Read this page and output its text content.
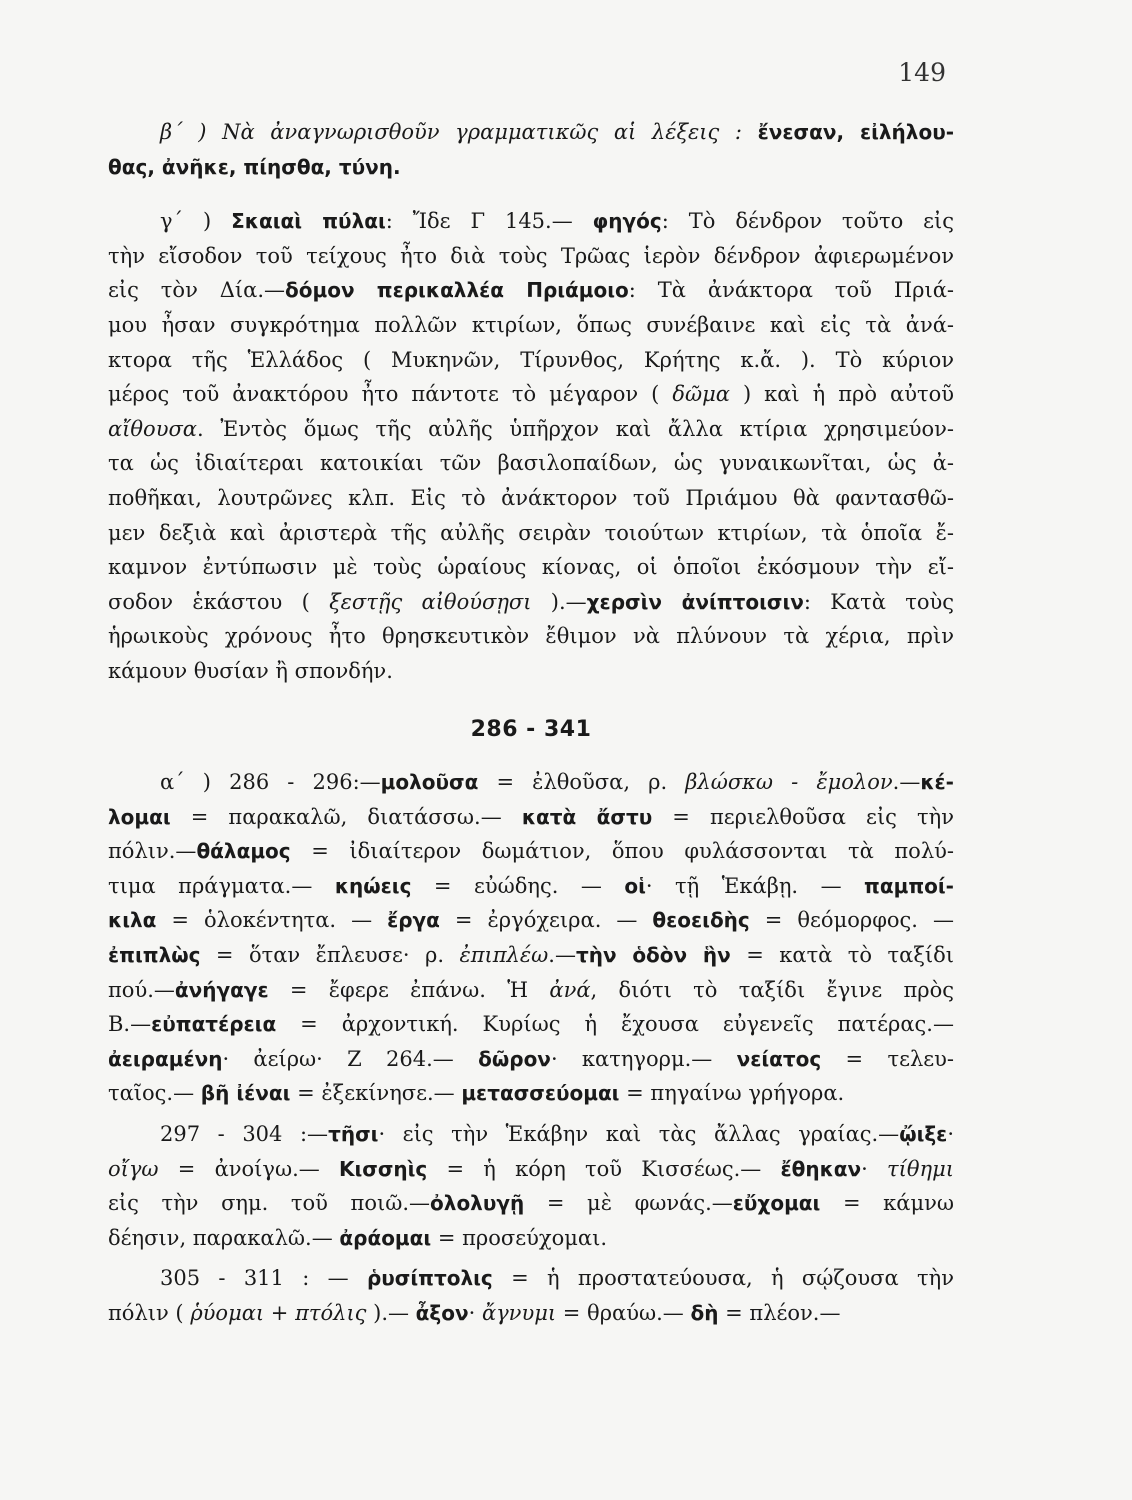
149
β΄ ) Νὰ ἀναγνωρισθοῦν γραμματικῶς αἱ λέξεις : ἔνεσαν, εἰλήλου-
θας, ἀνῆκε, πίησθα, τύνη.
γ΄ ) Σκαιαὶ πύλαι: Ἴδε Γ 145.— φηγός: Τὸ δένδρον τοῦτο εἰς
τὴν εἴσοδον τοῦ τείχους ἦτο διὰ τοὺς Τρῶας ἱερὸν δένδρον ἀφιερωμένον
εἰς τὸν Δία.—δόμον περικαλλέα Πριάμοιο: Τὰ ἀνάκτορα τοῦ Πριά-
μου ἦσαν συγκρότημα πολλῶν κτιρίων, ὅπως συνέβαινε καὶ εἰς τὰ ἀνά-
κτορα τῆς Ἑλλάδος ( Μυκηνῶν, Τίρυνθος, Κρήτης κ.ἄ. ). Τὸ κύριον
μέρος τοῦ ἀνακτόρου ἦτο πάντοτε τὸ μέγαρον ( δῶμα ) καὶ ἡ πρὸ αὐτοῦ
αἴθουσα. Ἐντὸς ὅμως τῆς αὐλῆς ὑπῆρχον καὶ ἄλλα κτίρια χρησιμεύον-
τα ὡς ἰδιαίτεραι κατοικίαι τῶν βασιλοπαίδων, ὡς γυναικωνῖται, ὡς ἀ-
ποθῆκαι, λουτρῶνες κλπ. Εἰς τὸ ἀνάκτορον τοῦ Πριάμου θὰ φαντασθῶ-
μεν δεξιὰ καὶ ἀριστερὰ τῆς αὐλῆς σειρὰν τοιούτων κτιρίων, τὰ ὁποῖα ἔ-
καμνον ἐντύπωσιν μὲ τοὺς ὡραίους κίονας, οἱ ὁποῖοι ἐκόσμουν τὴν εἴ-
σοδον ἑκάστου ( ξεστῇς αἰθούσῃσι ).—χερσὶν ἀνίπτοισιν: Κατὰ τοὺς
ἡρωικοὺς χρόνους ἦτο θρησκευτικὸν ἔθιμον νὰ πλύνουν τὰ χέρια, πρὶν
κάμουν θυσίαν ἢ σπονδήν.
286 - 341
α΄ ) 286 - 296:—μολοῦσα = ἐλθοῦσα, ρ. βλώσκω - ἔμολον.—κέ-
λομαι = παρακαλῶ, διατάσσω.— κατὰ ἄστυ = περιελθοῦσα εἰς τὴν
πόλιν.—θάλαμος = ἰδιαίτερον δωμάτιον, ὅπου φυλάσσονται τὰ πολύ-
τιμα πράγματα.— κηώεις = εὐώδης. — οἱ· τῇ Ἑκάβῃ. — παμποί-
κιλα = ὁλοκέντητα. — ἔργα = ἐργόχειρα. — θεοειδὴς = θεόμορφος. —
ἐπιπλὼς = ὅταν ἔπλευσε· ρ. ἐπιπλέω.—τὴν ὁδὸν ἣν = κατὰ τὸ ταξίδι
πού.—ἀνήγαγε = ἔφερε ἐπάνω. Ἡ ἀνά, διότι τὸ ταξίδι ἔγινε πρὸς
Β.—εὐπατέρεια = ἀρχοντική. Κυρίως ἡ ἔχουσα εὐγενεῖς πατέρας.—
ἀειραμένη· ἀείρω· Ζ 264.— δῶρον· κατηγορμ.— νείατος = τελευ-
ταῖος.— βῆ ἰέναι = ἐξεκίνησε.— μετασσεύομαι = πηγαίνω γρήγορα.
297 - 304 :—τῆσι· εἰς τὴν Ἑκάβην καὶ τὰς ἄλλας γραίας.—ᾤιξε·
οἴγω = ἀνοίγω.— Κισσηὶς = ἡ κόρη τοῦ Κισσέως.— ἔθηκαν· τίθημι
εἰς τὴν σημ. τοῦ ποιῶ.—ὀλολυγῇ = μὲ φωνάς.—εὔχομαι = κάμνω
δέησιν, παρακαλῶ.— ἀράομαι = προσεύχομαι.
305 - 311 : — ῥυσίπτολις = ἡ προστατεύουσα, ἡ σῴζουσα τὴν
πόλιν ( ῥύομαι + πτόλις ).— ἆξον· ἄγνυμι = θραύω.— δὴ = πλέον.—
